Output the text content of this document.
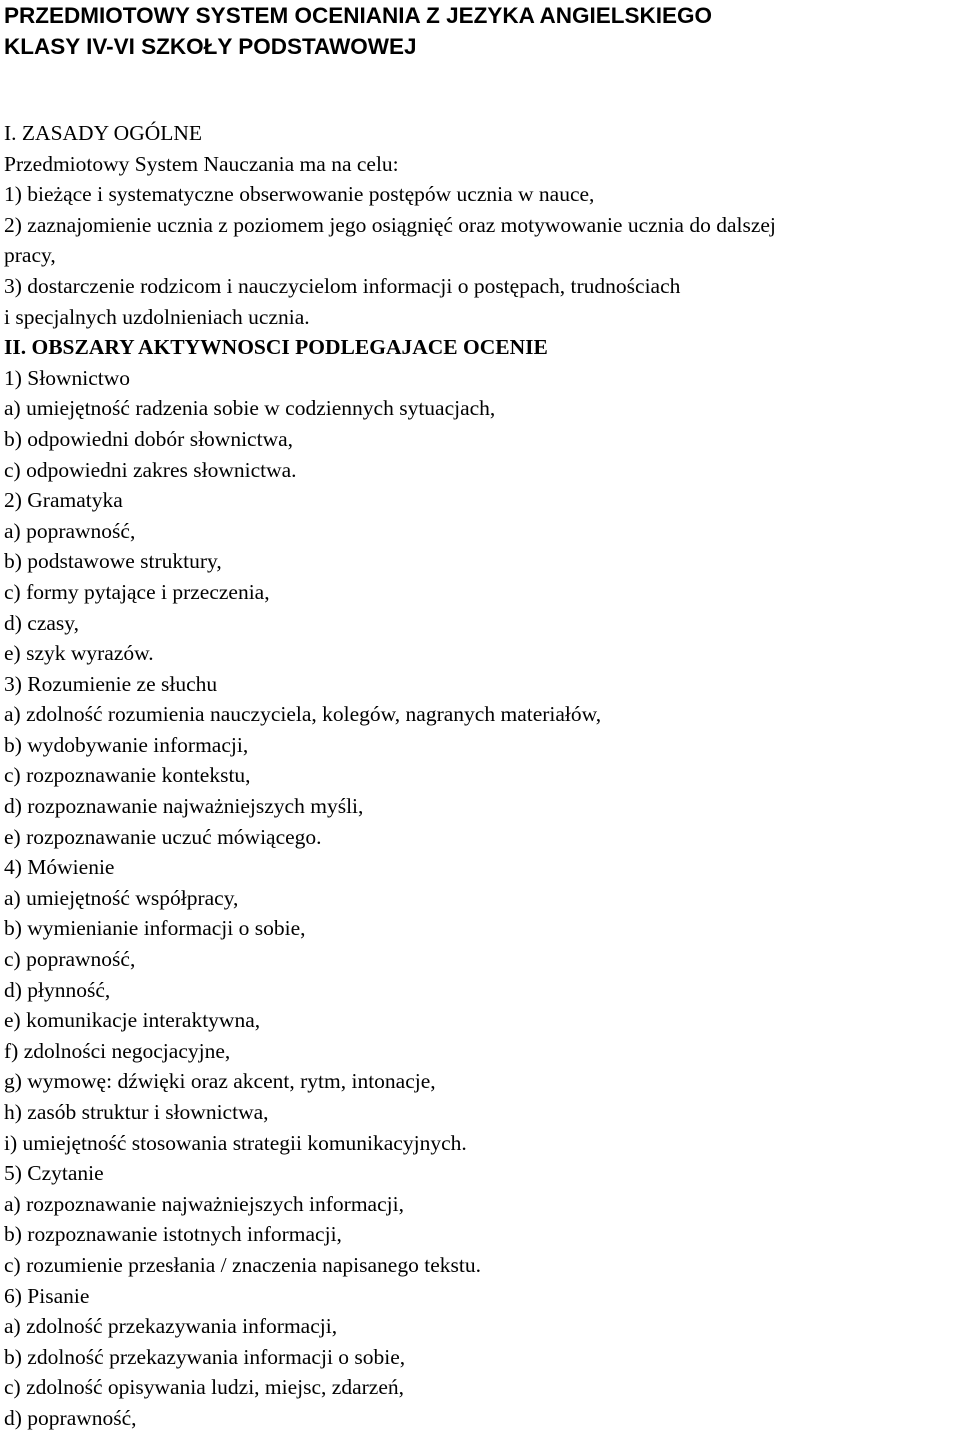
PRZEDMIOTOWY SYSTEM OCENIANIA Z JEZYKA ANGIELSKIEGO
KLASY IV-VI SZKOŁY PODSTAWOWEJ
I. ZASADY OGÓLNE
Przedmiotowy System Nauczania ma na celu:
1) bieżące i systematyczne obserwowanie postępów ucznia w nauce,
2) zaznajomienie ucznia z poziomem jego osiągnięć oraz motywowanie ucznia do dalszej
pracy,
3) dostarczenie rodzicom i nauczycielom informacji o postępach, trudnościach
i specjalnych uzdolnieniach ucznia.
II. OBSZARY AKTYWNOSCI PODLEGAJACE OCENIE
1) Słownictwo
a) umiejętność radzenia sobie w codziennych sytuacjach,
b) odpowiedni dobór słownictwa,
c) odpowiedni zakres słownictwa.
2) Gramatyka
a) poprawność,
b) podstawowe struktury,
c) formy pytające i przeczenia,
d) czasy,
e) szyk wyrazów.
3) Rozumienie ze słuchu
a) zdolność rozumienia nauczyciela, kolegów, nagranych materiałów,
b) wydobywanie informacji,
c) rozpoznawanie kontekstu,
d) rozpoznawanie najważniejszych myśli,
e) rozpoznawanie uczuć mówiącego.
4) Mówienie
a) umiejętność współpracy,
b) wymienianie informacji o sobie,
c) poprawność,
d) płynność,
e) komunikacje interaktywna,
f) zdolności negocjacyjne,
g) wymowę: dźwięki oraz akcent, rytm, intonacje,
h) zasób struktur i słownictwa,
i) umiejętność stosowania strategii komunikacyjnych.
5) Czytanie
a) rozpoznawanie najważniejszych informacji,
b) rozpoznawanie istotnych informacji,
c) rozumienie przesłania / znaczenia napisanego tekstu.
6) Pisanie
a) zdolność przekazywania informacji,
b) zdolność przekazywania informacji o sobie,
c) zdolność opisywania ludzi, miejsc, zdarzeń,
d) poprawność,
